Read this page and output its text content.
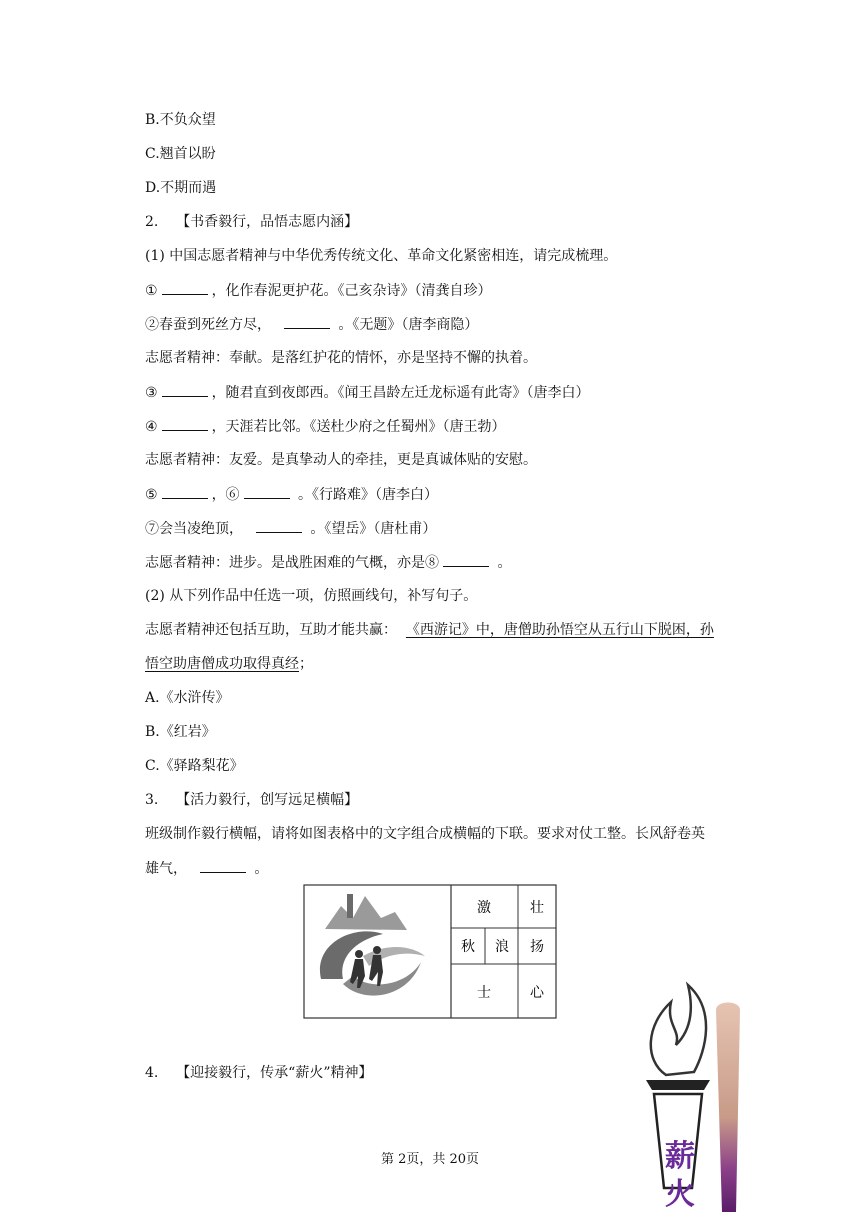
B.不负众望
C.翘首以盼
D.不期而遇
2. 【书香毅行，品悟志愿内涵】
(1) 中国志愿者精神与中华优秀传统文化、革命文化紧密相连，请完成梳理。
①	，化作春泥更护花。《己亥杂诗》（清龚自珍）
②春蚕到死丝方尽，	。《无题》（唐李商隐）
志愿者精神：奉献。是落红护花的情怀，亦是坚持不懈的执着。
③	，随君直到夜郎西。《闻王昌龄左迁龙标遥有此寄》（唐李白）
④	，天涯若比邻。《送杜少府之任蜀州》（唐王勃）
志愿者精神：友爱。是真挚动人的牵挂，更是真诚体贴的安慰。
⑤	，⑥	。《行路难》（唐李白）
⑦会当凌绝顶，	。《望岳》（唐杜甫）
志愿者精神：进步。是战胜困难的气概，亦是⑧	。
(2) 从下列作品中任选一项，仿照画线句，补写句子。
志愿者精神还包括互助，互助才能共赢： 《西游记》中，唐僧助孙悟空从五行山下脱困，孙
悟空助唐僧成功取得真经；
A.《水浒传》
B.《红岩》
C.《驿路梨花》
3. 【活力毅行，创写远足横幅】
班级制作毅行横幅，请将如图表格中的文字组合成横幅的下联。要求对仗工整。长风舒卷英
雄气，	。
激	壮
秋 浪 扬
士	心
4. 【迎接毅行，传承“薪火”精神】
薪
火
第 2页，共 20页
